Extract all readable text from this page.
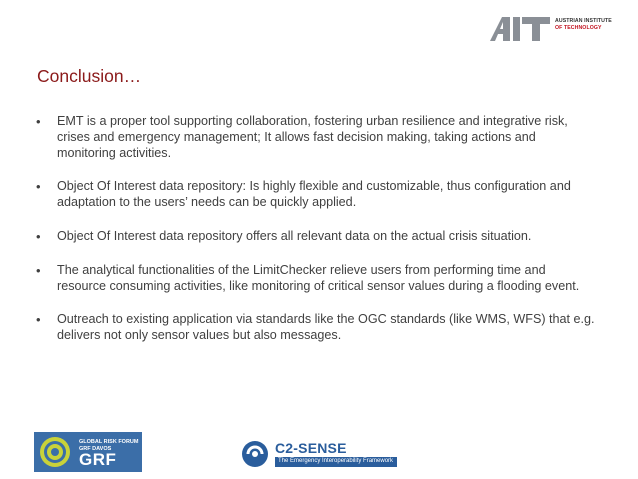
AUSTRIAN INSTITUTE
OF TECHNOLOGY
Conclusion…
• EMT is a proper tool supporting collaboration, fostering urban resilience and integrative risk, crises and emergency management; It allows fast decision making, taking actions and monitoring activities.
• Object Of Interest data repository: Is highly flexible and customizable, thus configuration and adaptation to the users’ needs can be quickly applied.
• Object Of Interest data repository offers all relevant data on the actual crisis situation.
• The analytical functionalities of the LimitChecker relieve users from performing time and resource consuming activities, like monitoring of critical sensor values during a flooding event.
• Outreach to existing application via standards like the OGC standards (like WMS, WFS) that e.g. delivers not only sensor values but also messages.
GLOBAL RISK FORUM
GRF DAVOS
GRF
C2-SENSE
The Emergency Interoperability Framework
